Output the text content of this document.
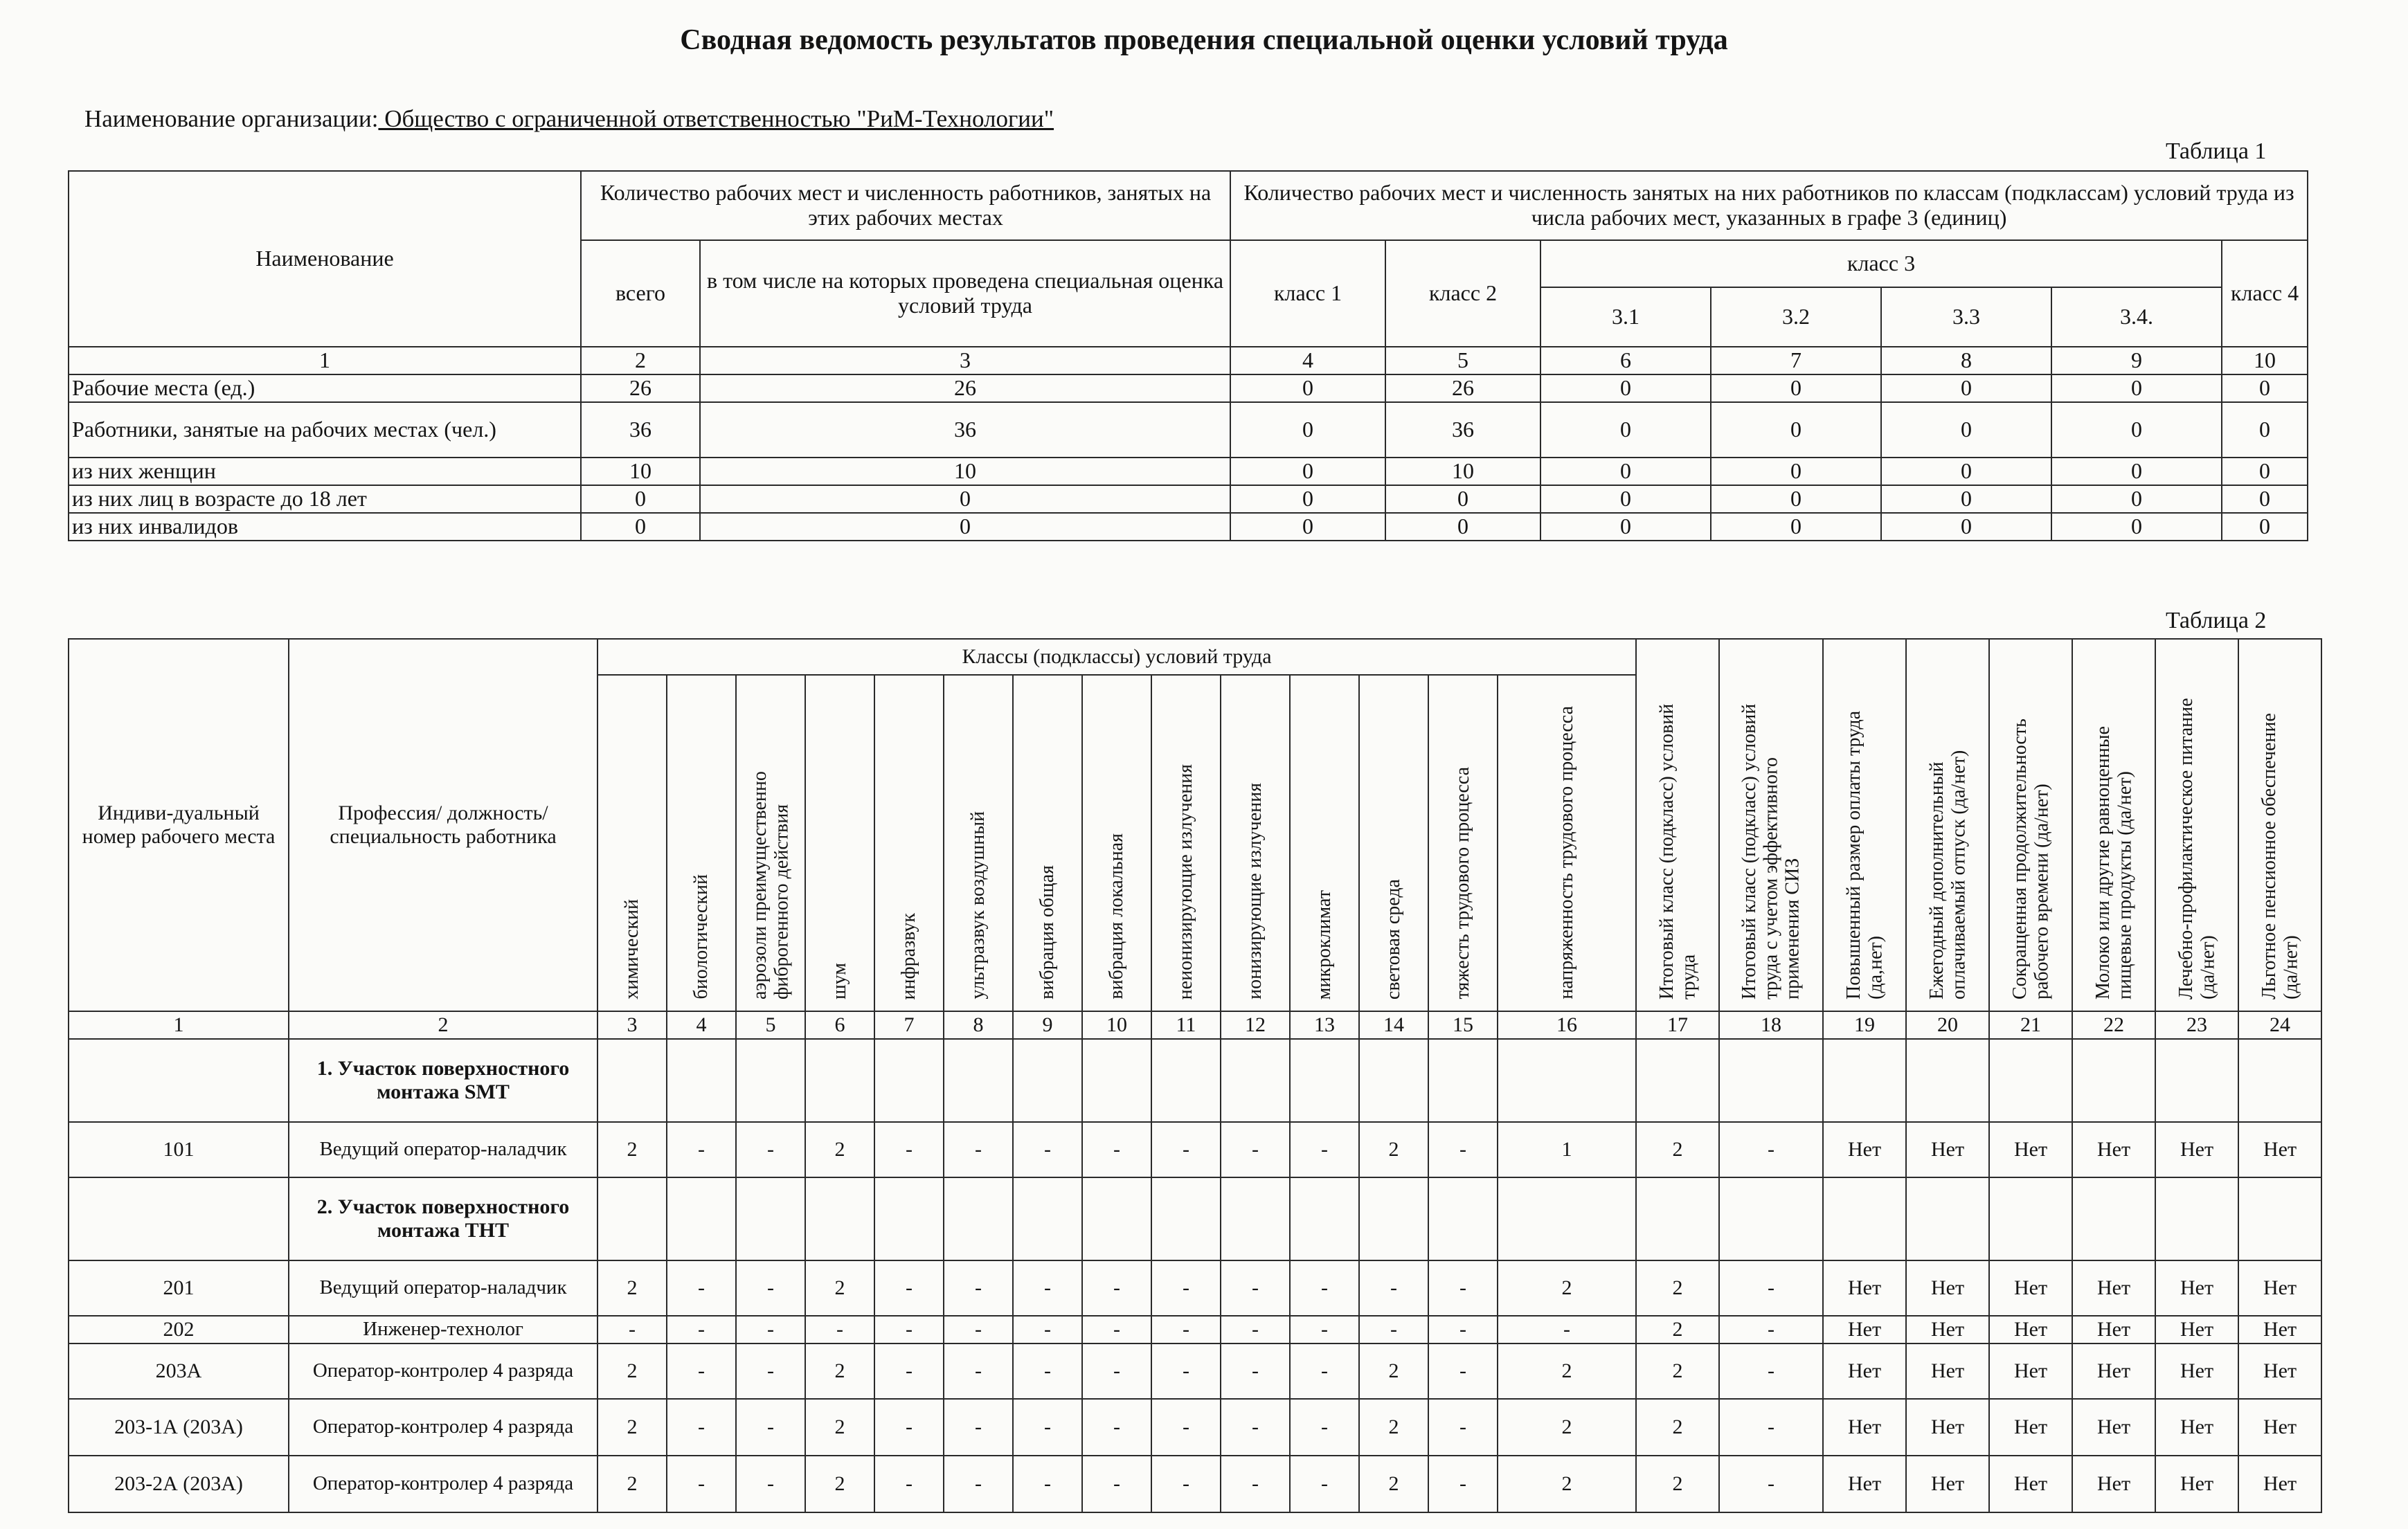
Сводная ведомость результатов проведения специальной оценки условий труда
Наименование организации: Общество с ограниченной ответственностью "РиМ-Технологии"
Таблица 1
Наименование	Количество рабочих мест и численность работников, занятых на этих рабочих местах		Количество рабочих мест и численность занятых на них работников по классам (подклассам) условий труда из числа рабочих мест, указанных в графе 3 (единиц)						
	всего	в том числе на которых проведена специальная оценка условий труда	класс 1	класс 2	класс 3				класс 4
					3.1	3.2	3.3	3.4.	
1	2	3	4	5	6	7	8	9	10
Рабочие места (ед.)	26	26	0	26	0	0	0	0	0
Работники, занятые на рабочих местах (чел.)	36	36	0	36	0	0	0	0	0
из них женщин	10	10	0	10	0	0	0	0	0
из них лиц в возрасте до 18 лет	0	0	0	0	0	0	0	0	0
из них инвалидов	0	0	0	0	0	0	0	0	0
Таблица 2
Индиви-дуальный номер рабочего места	Профессия/ должность/ специальность работника	Классы (подклассы) условий труда														Итоговый класс (подкласс) условий труда	Итоговый класс (подкласс) условий труда с учетом эффективного применения СИЗ	Повышенный размер оплаты труда (да,нет)	Ежегодный дополнительный оплачиваемый отпуск (да/нет)	Сокращенная продолжительность рабочего времени (да/нет)	Молоко или другие равноценные пищевые продукты (да/нет)	Лечебно-профилактическое питание (да/нет)	Льготное пенсионное обеспечение (да/нет)
		химический	биологический	аэрозоли преимущественно фиброгенного действия	шум	инфразвук	ультразвук воздушный	вибрация общая	вибрация локальная	неионизирующие излучения	ионизирующие излучения	микроклимат	световая среда	тяжесть трудового процесса	напряженность трудового процесса								
1	2	3	4	5	6	7	8	9	10	11	12	13	14	15	16	17	18	19	20	21	22	23	24
	1. Участок поверхностного монтажа SMT																						
101	Ведущий оператор-наладчик	2	-	-	2	-	-	-	-	-	-	-	2	-	1	2	-	Нет	Нет	Нет	Нет	Нет	Нет
	2. Участок поверхностного монтажа THT																						
201	Ведущий оператор-наладчик	2	-	-	2	-	-	-	-	-	-	-	-	-	2	2	-	Нет	Нет	Нет	Нет	Нет	Нет
202	Инженер-технолог	-	-	-	-	-	-	-	-	-	-	-	-	-	-	2	-	Нет	Нет	Нет	Нет	Нет	Нет
203А	Оператор-контролер 4 разряда	2	-	-	2	-	-	-	-	-	-	-	2	-	2	2	-	Нет	Нет	Нет	Нет	Нет	Нет
203-1А (203А)	Оператор-контролер 4 разряда	2	-	-	2	-	-	-	-	-	-	-	2	-	2	2	-	Нет	Нет	Нет	Нет	Нет	Нет
203-2А (203А)	Оператор-контролер 4 разряда	2	-	-	2	-	-	-	-	-	-	-	2	-	2	2	-	Нет	Нет	Нет	Нет	Нет	Нет
